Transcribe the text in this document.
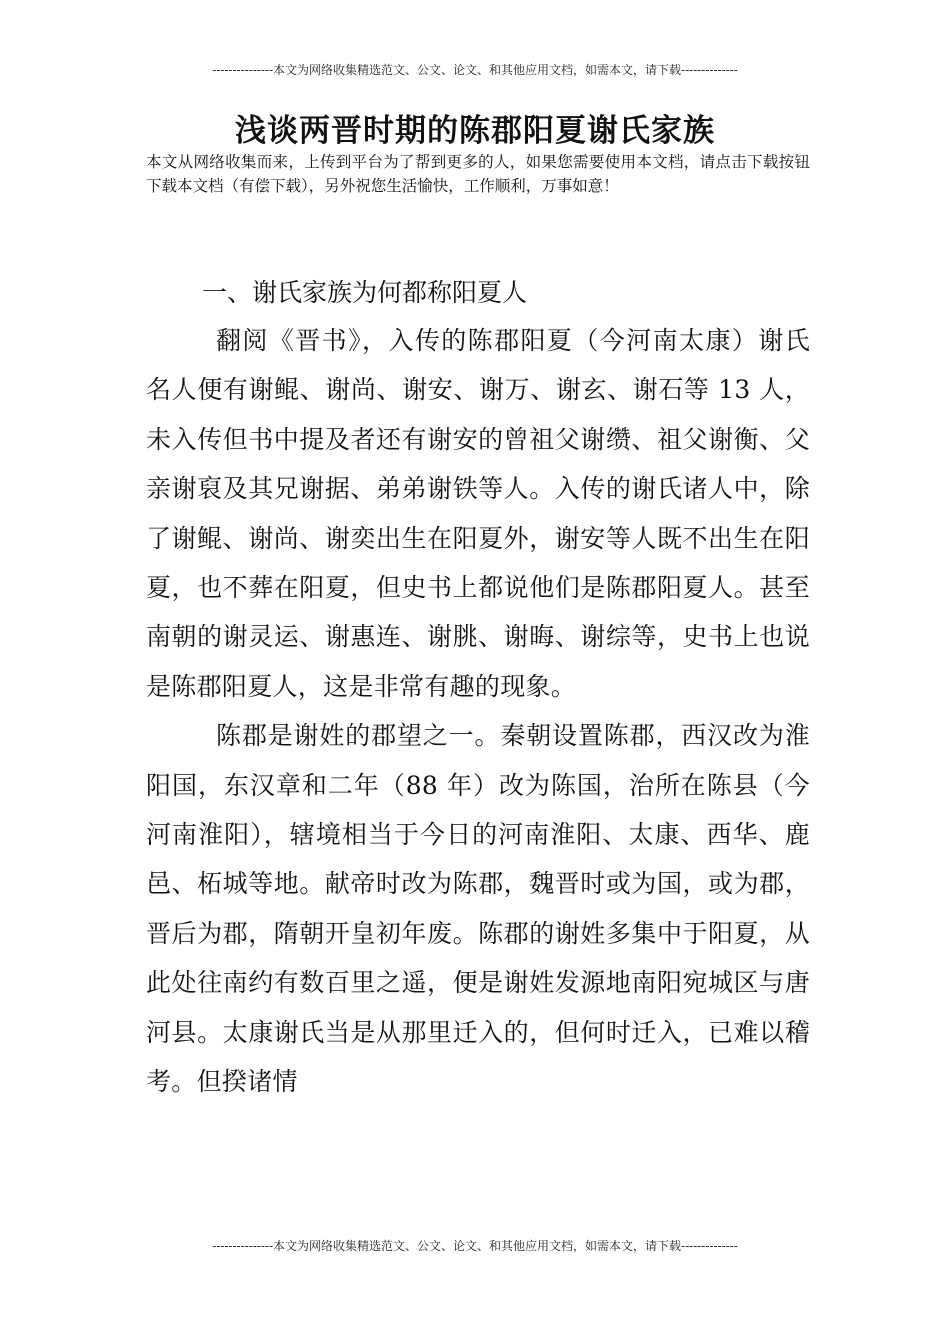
---------------本文为网络收集精选范文、公文、论文、和其他应用文档，如需本文，请下载--------------
浅谈两晋时期的陈郡阳夏谢氏家族
本文从网络收集而来，上传到平台为了帮到更多的人，如果您需要使用本文档，请点击下载按钮下载本文档（有偿下载），另外祝您生活愉快，工作顺利，万事如意！
一、谢氏家族为何都称阳夏人

翻阅《晋书》，入传的陈郡阳夏（今河南太康）谢氏名人便有谢鲲、谢尚、谢安、谢万、谢玄、谢石等 13 人，未入传但书中提及者还有谢安的曾祖父谢缵、祖父谢衡、父亲谢裒及其兄谢据、弟弟谢铁等人。入传的谢氏诸人中，除了谢鲲、谢尚、谢奕出生在阳夏外，谢安等人既不出生在阳夏，也不葬在阳夏，但史书上都说他们是陈郡阳夏人。甚至南朝的谢灵运、谢惠连、谢朓、谢晦、谢综等，史书上也说是陈郡阳夏人，这是非常有趣的现象。

陈郡是谢姓的郡望之一。秦朝设置陈郡，西汉改为淮阳国，东汉章和二年（88 年）改为陈国，治所在陈县（今河南淮阳），辖境相当于今日的河南淮阳、太康、西华、鹿邑、柘城等地。献帝时改为陈郡，魏晋时或为国，或为郡，晋后为郡，隋朝开皇初年废。陈郡的谢姓多集中于阳夏，从此处往南约有数百里之遥，便是谢姓发源地南阳宛城区与唐河县。太康谢氏当是从那里迁入的，但何时迁入，已难以稽考。但揆诸情

---------------本文为网络收集精选范文、公文、论文、和其他应用文档，如需本文，请下载--------------
